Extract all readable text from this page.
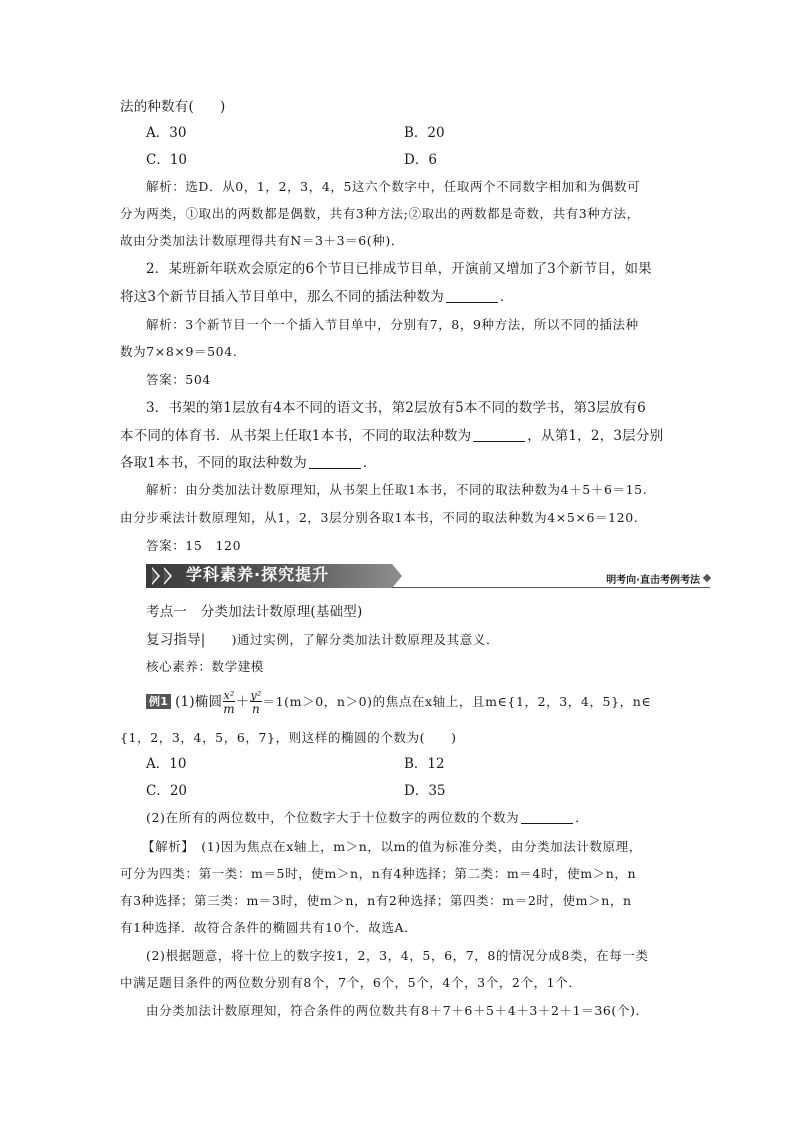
法的种数有( )
A．30	B．20
C．10	D．6
解析：选D．从0，1，2，3，4，5这六个数字中，任取两个不同数字相加和为偶数可
分为两类，①取出的两数都是偶数，共有3种方法;②取出的两数都是奇数，共有3种方法，
故由分类加法计数原理得共有N＝3＋3＝6(种)．
2．某班新年联欢会原定的6个节目已排成节目单，开演前又增加了3个新节目，如果
将这3个新节目插入节目单中，那么不同的插法种数为	．
解析：3个新节目一个一个插入节目单中，分别有7，8，9种方法，所以不同的插法种
数为7×8×9＝504.
答案：504
3．书架的第1层放有4本不同的语文书，第2层放有5本不同的数学书，第3层放有6
本不同的体育书．从书架上任取1本书，不同的取法种数为	，从第1，2，3层分别
各取1本书，不同的取法种数为	．
解析：由分类加法计数原理知，从书架上任取1本书，不同的取法种数为4＋5＋6＝15.
由分步乘法计数原理知，从1，2，3层分别各取1本书，不同的取法种数为4×5×6＝120.
答案：15　120
学科素养·探究提升	明考向·直击考例考法
考点一　分类加法计数原理(基础型)
复习指导| )通过实例，了解分类加法计数原理及其意义．
核心素养：数学建模
例1 (1)椭圆 $\frac{\text{x²}}{m} + \frac{\text{y²}}{n} =1(m>0$，n＞0)的焦点在x轴上，且m∈{1，2，3，4，5}，n∈
{1，2，3，4，5，6，7}，则这样的椭圆的个数为( )
A．10	B．12
C．20	D．35
(2)在所有的两位数中，个位数字大于十位数字的两位数的个数为	．
【解析】　(1)因为焦点在x轴上，m＞n，以m的值为标准分类，由分类加法计数原理，
可分为四类：第一类：m＝5时，使m＞n，n有4种选择；第二类：m＝4时，使m＞n，n
有3种选择；第三类：m＝3时，使m＞n，n有2种选择；第四类：m＝2时，使m＞n，n
有1种选择．故符合条件的椭圆共有10个．故选A．
(2)根据题意，将十位上的数字按1，2，3，4，5，6，7，8的情况分成8类，在每一类
中满足题目条件的两位数分别有8个，7个，6个，5个，4个，3个，2个，1个．
由分类加法计数原理知，符合条件的两位数共有8＋7＋6＋5＋4＋3＋2＋1＝36(个)．
